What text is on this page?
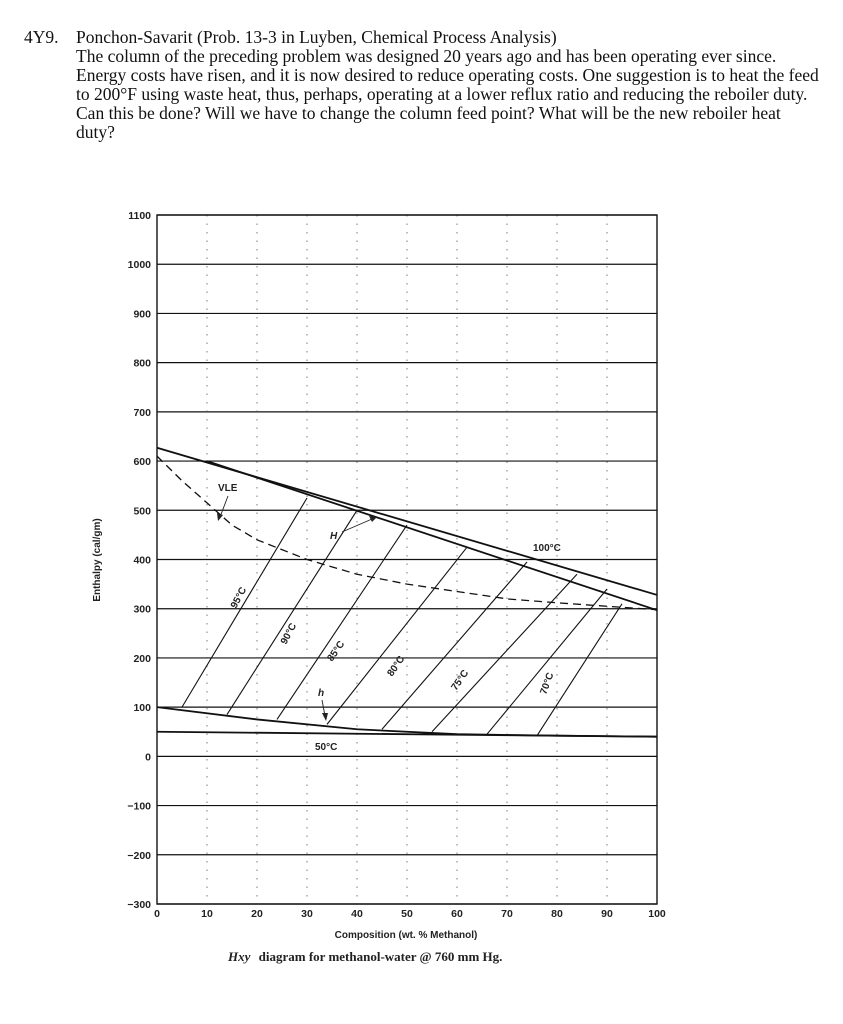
4Y9. Ponchon-Savarit (Prob. 13-3 in Luyben, Chemical Process Analysis)
The column of the preceding problem was designed 20 years ago and has been operating ever since. Energy costs have risen, and it is now desired to reduce operating costs. One suggestion is to heat the feed to 200°F using waste heat, thus, perhaps, operating at a lower reflux ratio and reducing the reboiler duty. Can this be done? Will we have to change the column feed point? What will be the new reboiler heat duty?
1100
1000
900
800
700
600
500
400
300
200
100
0
−100
−200
−300
0	10	20	30	40	50	60	70	80	90	100
Enthalpy (cal/gm)
Composition (wt. % Methanol)
Hxy diagram for methanol-water @ 760 mm Hg.
VLE
H
h
100°C
95°C
90°C
85°C
80°C
75°C	70°C
50°C
